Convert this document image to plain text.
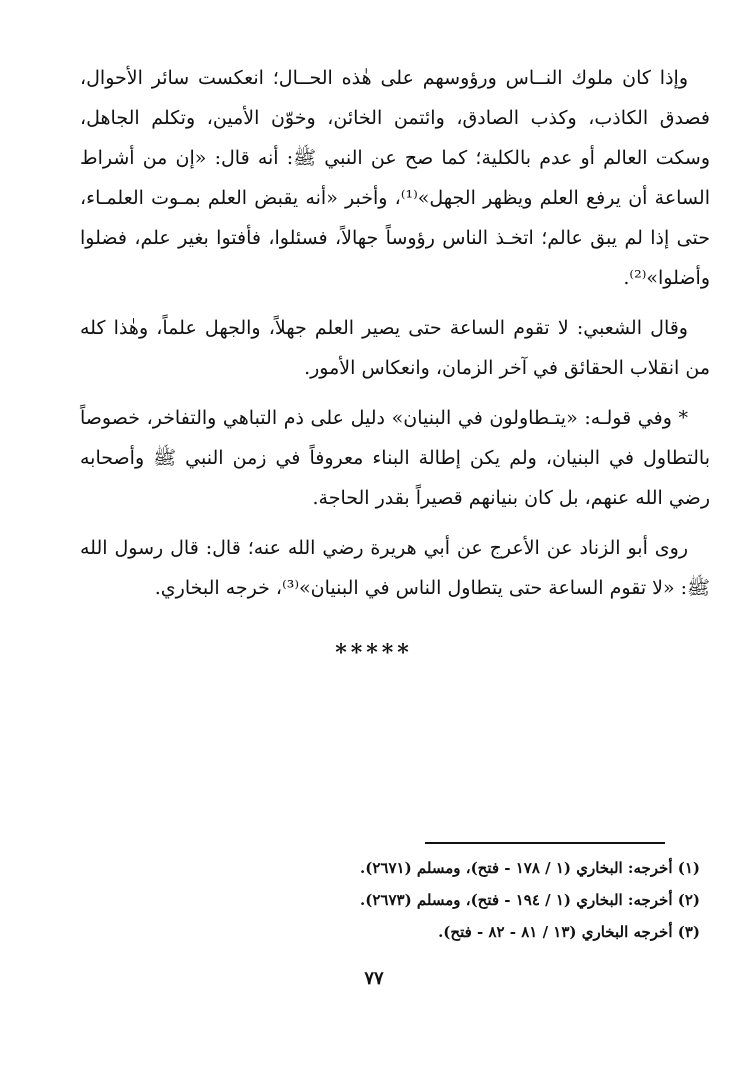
وإذا كان ملوك النــاس ورؤوسهم على هٰذه الحــال؛ انعكست سائر الأحوال، فصدق الكاذب، وكذب الصادق، وائتمن الخائن، وخوّن الأمين، وتكلم الجاهل، وسكت العالم أو عدم بالكلية؛ كما صح عن النبي ﷺ: أنه قال: «إن من أشراط الساعة أن يرفع العلم ويظهر الجهل»⁽¹⁾، وأخبر «أنه يقبض العلم بمـوت العلمـاء، حتى إذا لم يبق عالم؛ اتخـذ الناس رؤوساً جهالاً، فسئلوا، فأفتوا بغير علم، فضلوا وأضلوا»⁽²⁾.

وقال الشعبي: لا تقوم الساعة حتى يصير العلم جهلاً، والجهل علماً، وهٰذا كله من انقلاب الحقائق في آخر الزمان، وانعكاس الأمور.

* وفي قولـه: «يتـطاولون في البنيان» دليل على ذم التباهي والتفاخر، خصوصاً بالتطاول في البنيان، ولم يكن إطالة البناء معروفاً في زمن النبي ﷺ وأصحابه رضي الله عنهم، بل كان بنيانهم قصيراً بقدر الحاجة.

روى أبو الزناد عن الأعرج عن أبي هريرة رضي الله عنه؛ قال: قال رسول الله ﷺ: «لا تقوم الساعة حتى يتطاول الناس في البنيان»⁽³⁾، خرجه البخاري.

*****

(١) أخرجه: البخاري (١ / ١٧٨ - فتح)، ومسلم (٢٦٧١).

(٢) أخرجه: البخاري (١ / ١٩٤ - فتح)، ومسلم (٢٦٧٣).

(٣) أخرجه البخاري (١٣ / ٨١ - ٨٢ - فتح).

٧٧
